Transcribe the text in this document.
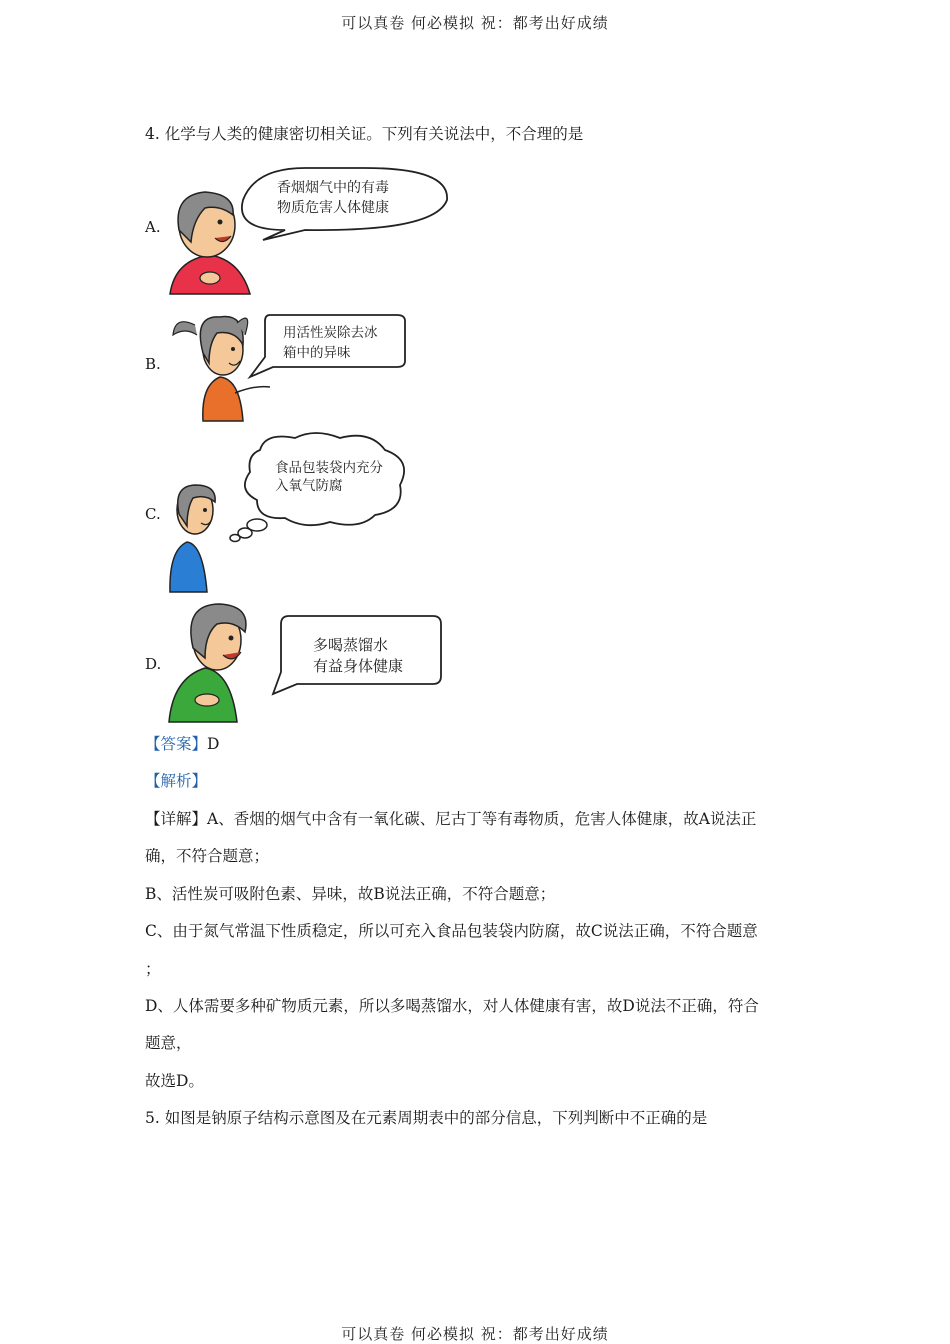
可以真卷 何必模拟 祝：都考出好成绩
4. 化学与人类的健康密切相关证。下列有关说法中，不合理的是
A.
香烟烟气中的有毒
物质危害人体健康
B.
用活性炭除去冰
箱中的异味
C.
食品包装袋内充分
入氧气防腐
D.
多喝蒸馏水
有益身体健康
【答案】D
【解析】
【详解】A、香烟的烟气中含有一氧化碳、尼古丁等有毒物质，危害人体健康，故A说法正
确，不符合题意；
B、活性炭可吸附色素、异味，故B说法正确，不符合题意；
C、由于氮气常温下性质稳定，所以可充入食品包装袋内防腐，故C说法正确，不符合题意
；
D、人体需要多种矿物质元素，所以多喝蒸馏水，对人体健康有害，故D说法不正确，符合
题意，
故选D。
5. 如图是钠原子结构示意图及在元素周期表中的部分信息，下列判断中不正确的是
可以真卷 何必模拟 祝：都考出好成绩
